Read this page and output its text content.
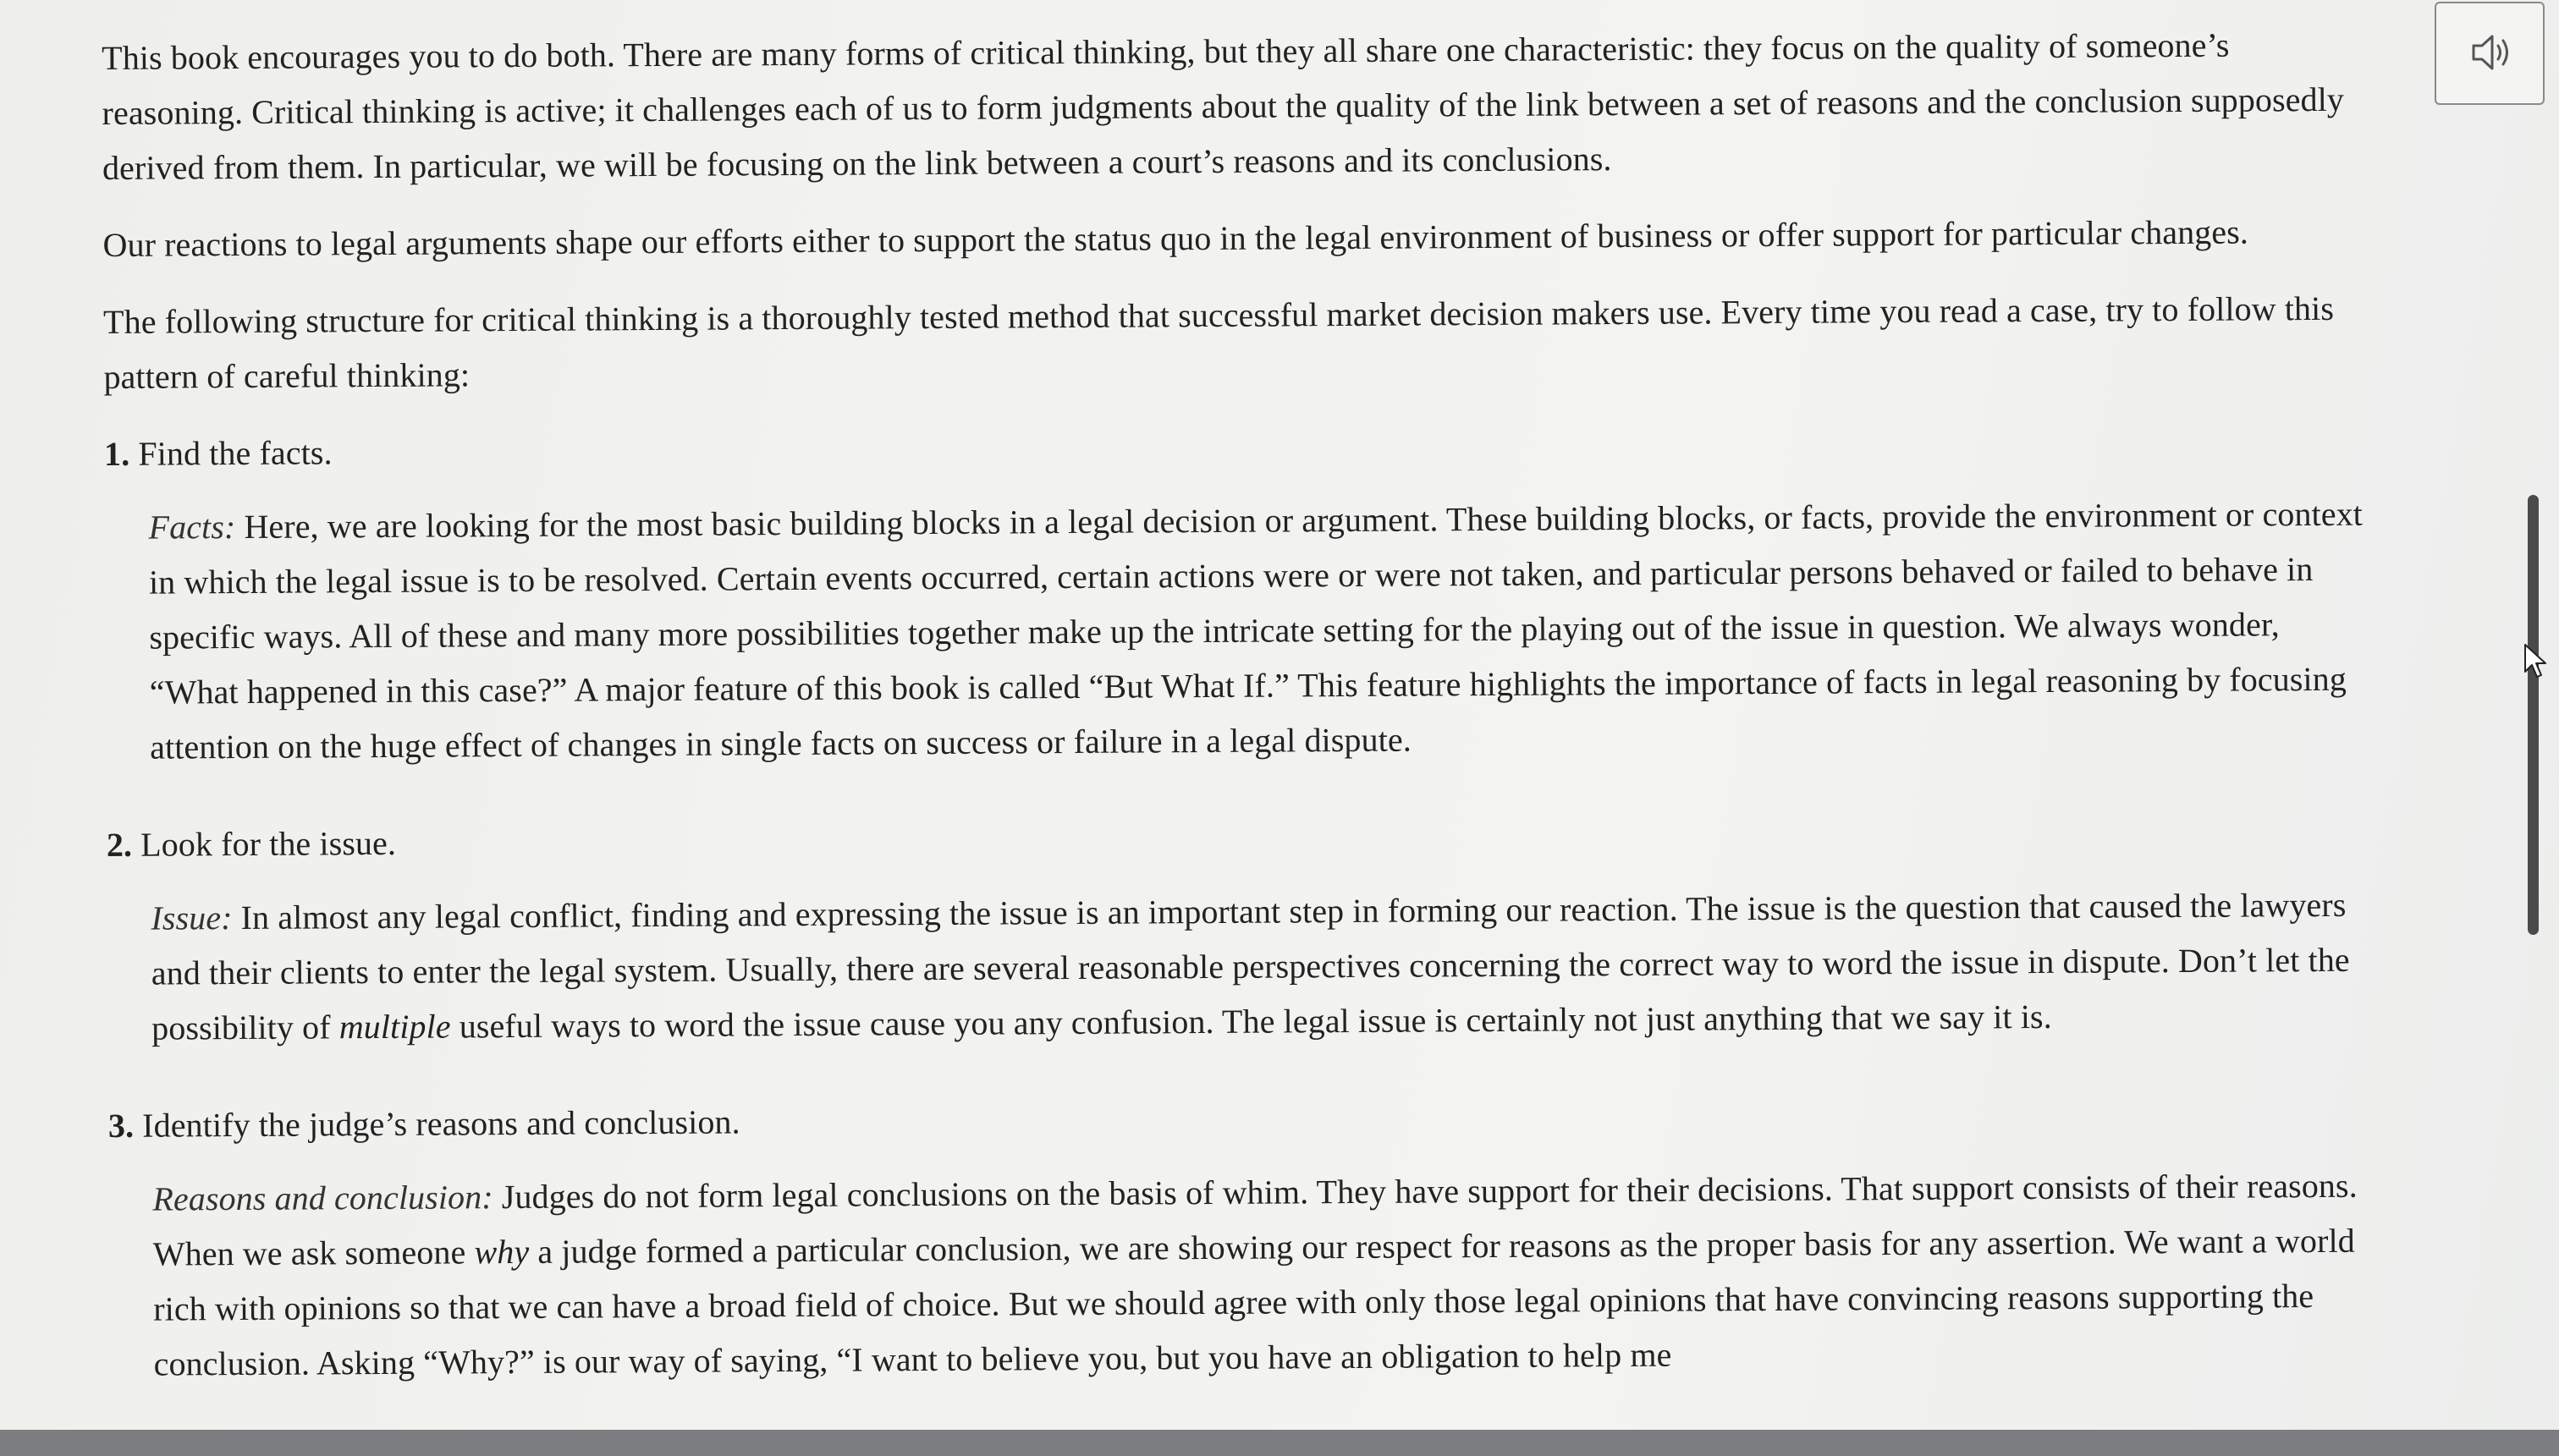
This book encourages you to do both. There are many forms of critical thinking, but they all share one characteristic: they focus on the quality of someone’s reasoning. Critical thinking is active; it challenges each of us to form judgments about the quality of the link between a set of reasons and the conclusion supposedly derived from them. In particular, we will be focusing on the link between a court’s reasons and its conclusions.

Our reactions to legal arguments shape our efforts either to support the status quo in the legal environment of business or offer support for particular changes.

The following structure for critical thinking is a thoroughly tested method that successful market decision makers use. Every time you read a case, try to follow this pattern of careful thinking:

1. Find the facts.

Facts: Here, we are looking for the most basic building blocks in a legal decision or argument. These building blocks, or facts, provide the environment or context in which the legal issue is to be resolved. Certain events occurred, certain actions were or were not taken, and particular persons behaved or failed to behave in specific ways. All of these and many more possibilities together make up the intricate setting for the playing out of the issue in question. We always wonder, “What happened in this case?” A major feature of this book is called “But What If.” This feature highlights the importance of facts in legal reasoning by focusing attention on the huge effect of changes in single facts on success or failure in a legal dispute.

2. Look for the issue.

Issue: In almost any legal conflict, finding and expressing the issue is an important step in forming our reaction. The issue is the question that caused the lawyers and their clients to enter the legal system. Usually, there are several reasonable perspectives concerning the correct way to word the issue in dispute. Don’t let the possibility of multiple useful ways to word the issue cause you any confusion. The legal issue is certainly not just anything that we say it is.

3. Identify the judge’s reasons and conclusion.

Reasons and conclusion: Judges do not form legal conclusions on the basis of whim. They have support for their decisions. That support consists of their reasons. When we ask someone why a judge formed a particular conclusion, we are showing our respect for reasons as the proper basis for any assertion. We want a world rich with opinions so that we can have a broad field of choice. But we should agree with only those legal opinions that have convincing reasons supporting the conclusion. Asking “Why?” is our way of saying, “I want to believe you, but you have an obligation to help me
